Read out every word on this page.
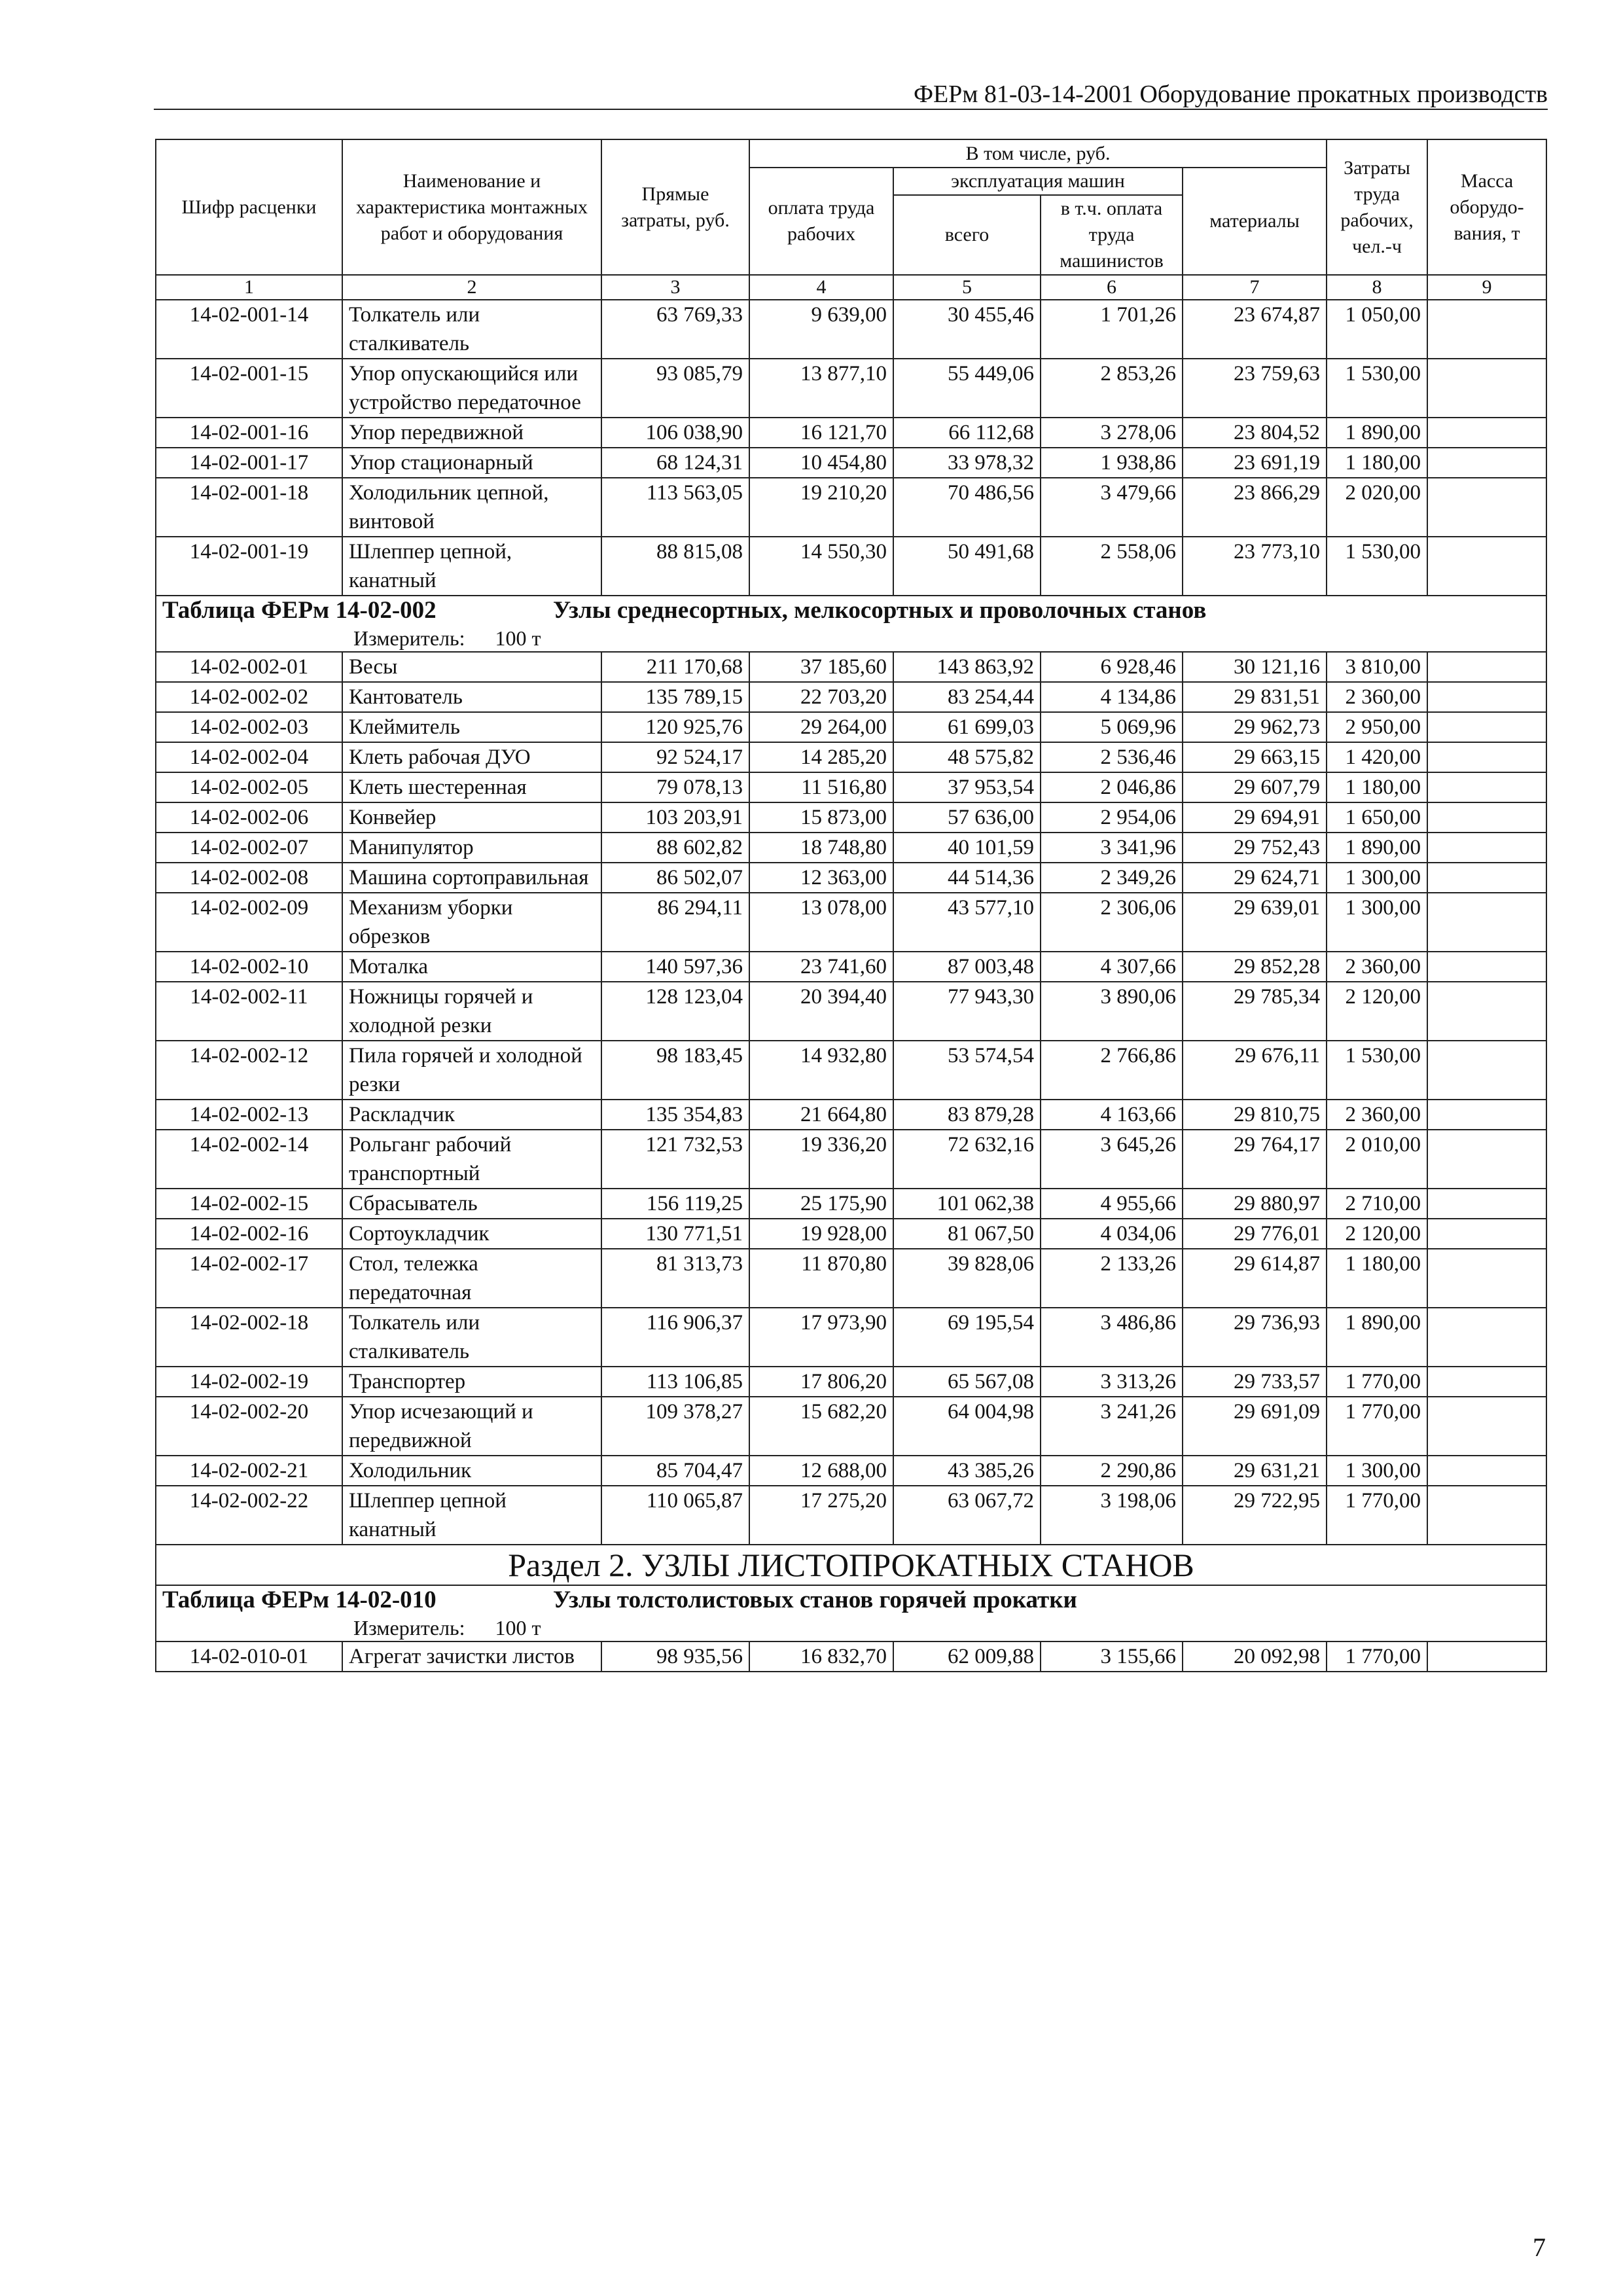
ФЕРм 81-03-14-2001 Оборудование прокатных производств
Шифр расценки	Наименование и характеристика монтажных работ и оборудования	Прямые затраты, руб.	В том числе, руб.				Затраты труда рабочих, чел.-ч	Масса оборудо-вания, т
			оплата труда рабочих	эксплуатация машин		материалы		
				всего	в т.ч. оплата труда машинистов			
1	2	3	4	5	6	7	8	9
14-02-001-14	Толкатель или сталкиватель	63 769,33	9 639,00	30 455,46	1 701,26	23 674,87	1 050,00	
14-02-001-15	Упор опускающийся или устройство передаточное	93 085,79	13 877,10	55 449,06	2 853,26	23 759,63	1 530,00	
14-02-001-16	Упор передвижной	106 038,90	16 121,70	66 112,68	3 278,06	23 804,52	1 890,00	
14-02-001-17	Упор стационарный	68 124,31	10 454,80	33 978,32	1 938,86	23 691,19	1 180,00	
14-02-001-18	Холодильник цепной, винтовой	113 563,05	19 210,20	70 486,56	3 479,66	23 866,29	2 020,00	
14-02-001-19	Шлеппер цепной, канатный	88 815,08	14 550,30	50 491,68	2 558,06	23 773,10	1 530,00	

Таблица ФЕРм 14-02-002 Узлы среднесортных, мелкосортных и проволочных станов
Измеритель: 100 т								

14-02-002-01	Весы	211 170,68	37 185,60	143 863,92	6 928,46	30 121,16	3 810,00	
14-02-002-02	Кантователь	135 789,15	22 703,20	83 254,44	4 134,86	29 831,51	2 360,00	
14-02-002-03	Клеймитель	120 925,76	29 264,00	61 699,03	5 069,96	29 962,73	2 950,00	
14-02-002-04	Клеть рабочая ДУО	92 524,17	14 285,20	48 575,82	2 536,46	29 663,15	1 420,00	
14-02-002-05	Клеть шестеренная	79 078,13	11 516,80	37 953,54	2 046,86	29 607,79	1 180,00	
14-02-002-06	Конвейер	103 203,91	15 873,00	57 636,00	2 954,06	29 694,91	1 650,00	
14-02-002-07	Манипулятор	88 602,82	18 748,80	40 101,59	3 341,96	29 752,43	1 890,00	
14-02-002-08	Машина сортоправильная	86 502,07	12 363,00	44 514,36	2 349,26	29 624,71	1 300,00	
14-02-002-09	Механизм уборки обрезков	86 294,11	13 078,00	43 577,10	2 306,06	29 639,01	1 300,00	
14-02-002-10	Моталка	140 597,36	23 741,60	87 003,48	4 307,66	29 852,28	2 360,00	
14-02-002-11	Ножницы горячей и холодной резки	128 123,04	20 394,40	77 943,30	3 890,06	29 785,34	2 120,00	
14-02-002-12	Пила горячей и холодной резки	98 183,45	14 932,80	53 574,54	2 766,86	29 676,11	1 530,00	
14-02-002-13	Раскладчик	135 354,83	21 664,80	83 879,28	4 163,66	29 810,75	2 360,00	
14-02-002-14	Рольганг рабочий транспортный	121 732,53	19 336,20	72 632,16	3 645,26	29 764,17	2 010,00	
14-02-002-15	Сбрасыватель	156 119,25	25 175,90	101 062,38	4 955,66	29 880,97	2 710,00	
14-02-002-16	Сортоукладчик	130 771,51	19 928,00	81 067,50	4 034,06	29 776,01	2 120,00	
14-02-002-17	Стол, тележка передаточная	81 313,73	11 870,80	39 828,06	2 133,26	29 614,87	1 180,00	
14-02-002-18	Толкатель или сталкиватель	116 906,37	17 973,90	69 195,54	3 486,86	29 736,93	1 890,00	
14-02-002-19	Транспортер	113 106,85	17 806,20	65 567,08	3 313,26	29 733,57	1 770,00	
14-02-002-20	Упор исчезающий и передвижной	109 378,27	15 682,20	64 004,98	3 241,26	29 691,09	1 770,00	
14-02-002-21	Холодильник	85 704,47	12 688,00	43 385,26	2 290,86	29 631,21	1 300,00	
14-02-002-22	Шлеппер цепной канатный	110 065,87	17 275,20	63 067,72	3 198,06	29 722,95	1 770,00	
Раздел 2. УЗЛЫ ЛИСТОПРОКАТНЫХ СТАНОВ								

Таблица ФЕРм 14-02-010 Узлы толстолистовых станов горячей прокатки
Измеритель: 100 т								

14-02-010-01	Агрегат зачистки листов	98 935,56	16 832,70	62 009,88	3 155,66	20 092,98	1 770,00	
7
